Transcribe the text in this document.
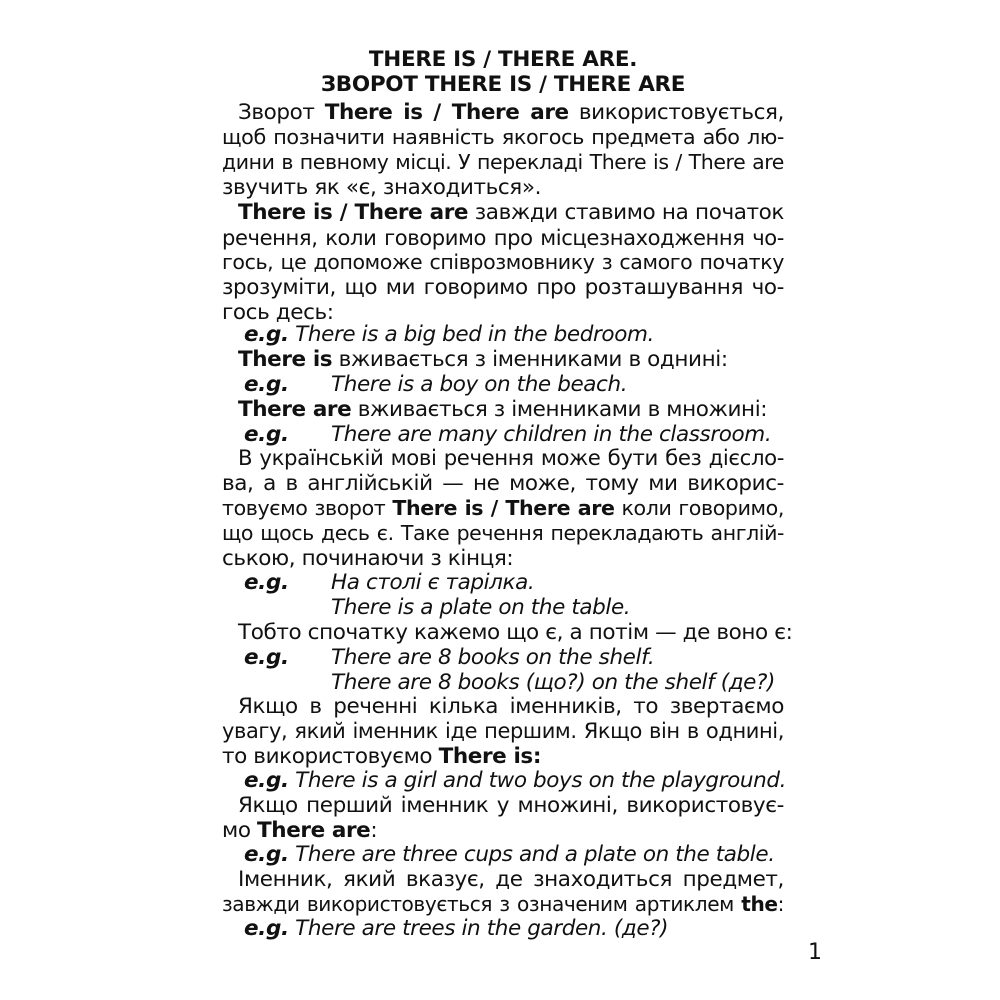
THERE IS / THERE ARE.
ЗВОРОТ THERE IS / THERE ARE
Зворот There is / There are використовується,
щоб позначити наявність якогось предмета або лю-
дини в певному місці. У перекладі There is / There are
звучить як «є, знаходиться».
There is / There are завжди ставимо на початок
речення, коли говоримо про місцезнаходження чо-
гось, це допоможе співрозмовнику з самого початку
зрозуміти, що ми говоримо про розташування чо-
гось десь:
e.g. There is a big bed in the bedroom.
There is вживається з іменниками в однині:
e.g. There is a boy on the beach.
There are вживається з іменниками в множині:
e.g. There are many children in the classroom.
В українській мові речення може бути без дієсло-
ва, а в англійській — не може, тому ми викорис-
товуємо зворот There is / There are коли говоримо,
що щось десь є. Таке речення перекладають англій-
ською, починаючи з кінця:
e.g. На столі є тарілка.
There is a plate on the table.
Тобто спочатку кажемо що є, а потім — де воно є:
e.g. There are 8 books on the shelf.
There are 8 books (що?) on the shelf (де?)
Якщо в реченні кілька іменників, то звертаємо
увагу, який іменник іде першим. Якщо він в однині,
то використовуємо There is:
e.g. There is a girl and two boys on the playground.
Якщо перший іменник у множині, використовує-
мо There are:
e.g. There are three cups and a plate on the table.
Іменник, який вказує, де знаходиться предмет,
завжди використовується з означеним артиклем the:
e.g. There are trees in the garden. (де?)
1
